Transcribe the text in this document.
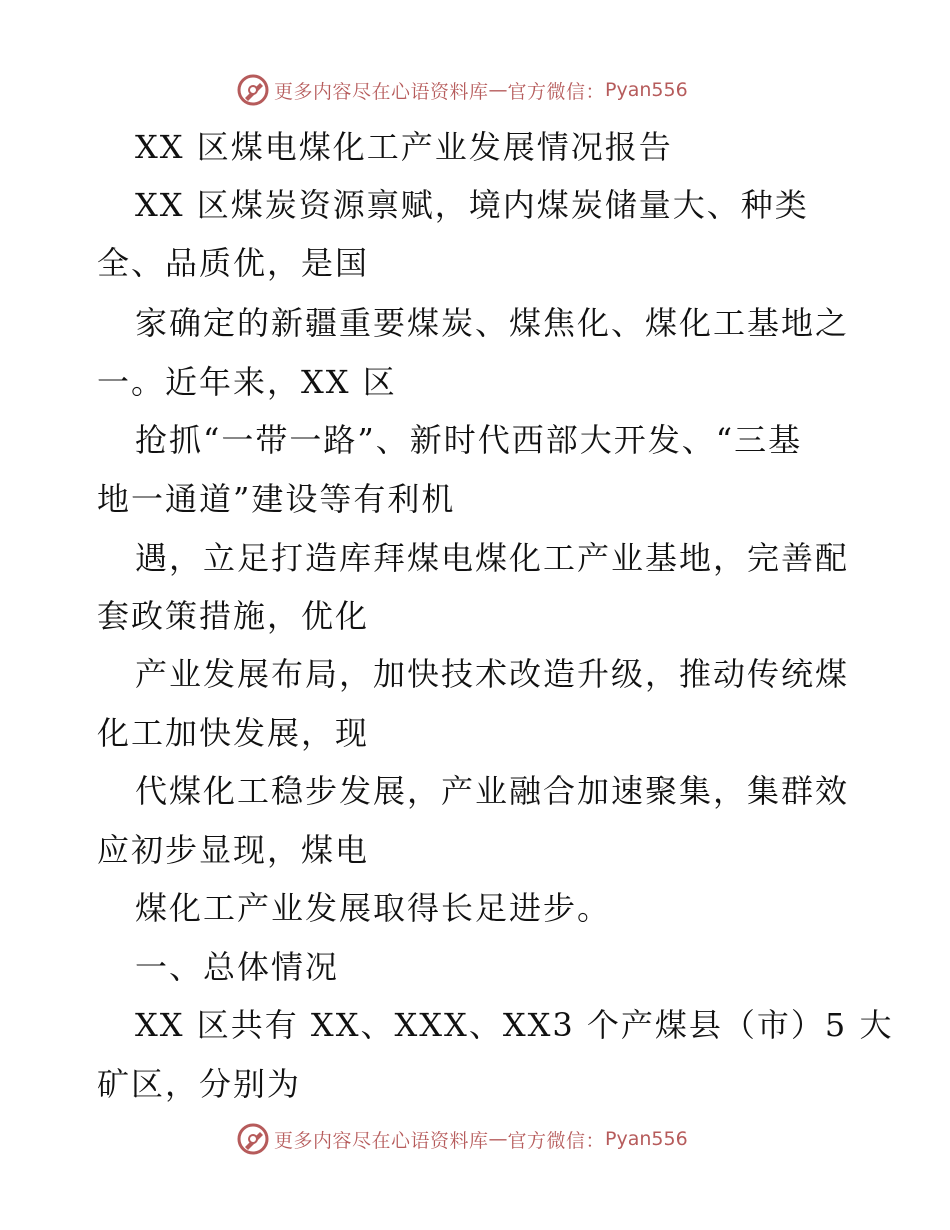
更多内容尽在心语资料库 — 官方微信： Pyan556
XX 区煤电煤化工产业发展情况报告
XX 区煤炭资源禀赋，境内煤炭储量大、种类
全、品质优，是国
家确定的新疆重要煤炭、煤焦化、煤化工基地之
一。近年来，XX 区
抢抓“一带一路”、新时代西部大开发、“三基
地一通道”建设等有利机
遇，立足打造库拜煤电煤化工产业基地，完善配
套政策措施，优化
产业发展布局，加快技术改造升级，推动传统煤
化工加快发展，现
代煤化工稳步发展，产业融合加速聚集，集群效
应初步显现，煤电
煤化工产业发展取得长足进步。
一、总体情况
XX 区共有 XX、XXX、XX3 个产煤县（市）5 大
矿区，分别为
更多内容尽在心语资料库 — 官方微信： Pyan556
